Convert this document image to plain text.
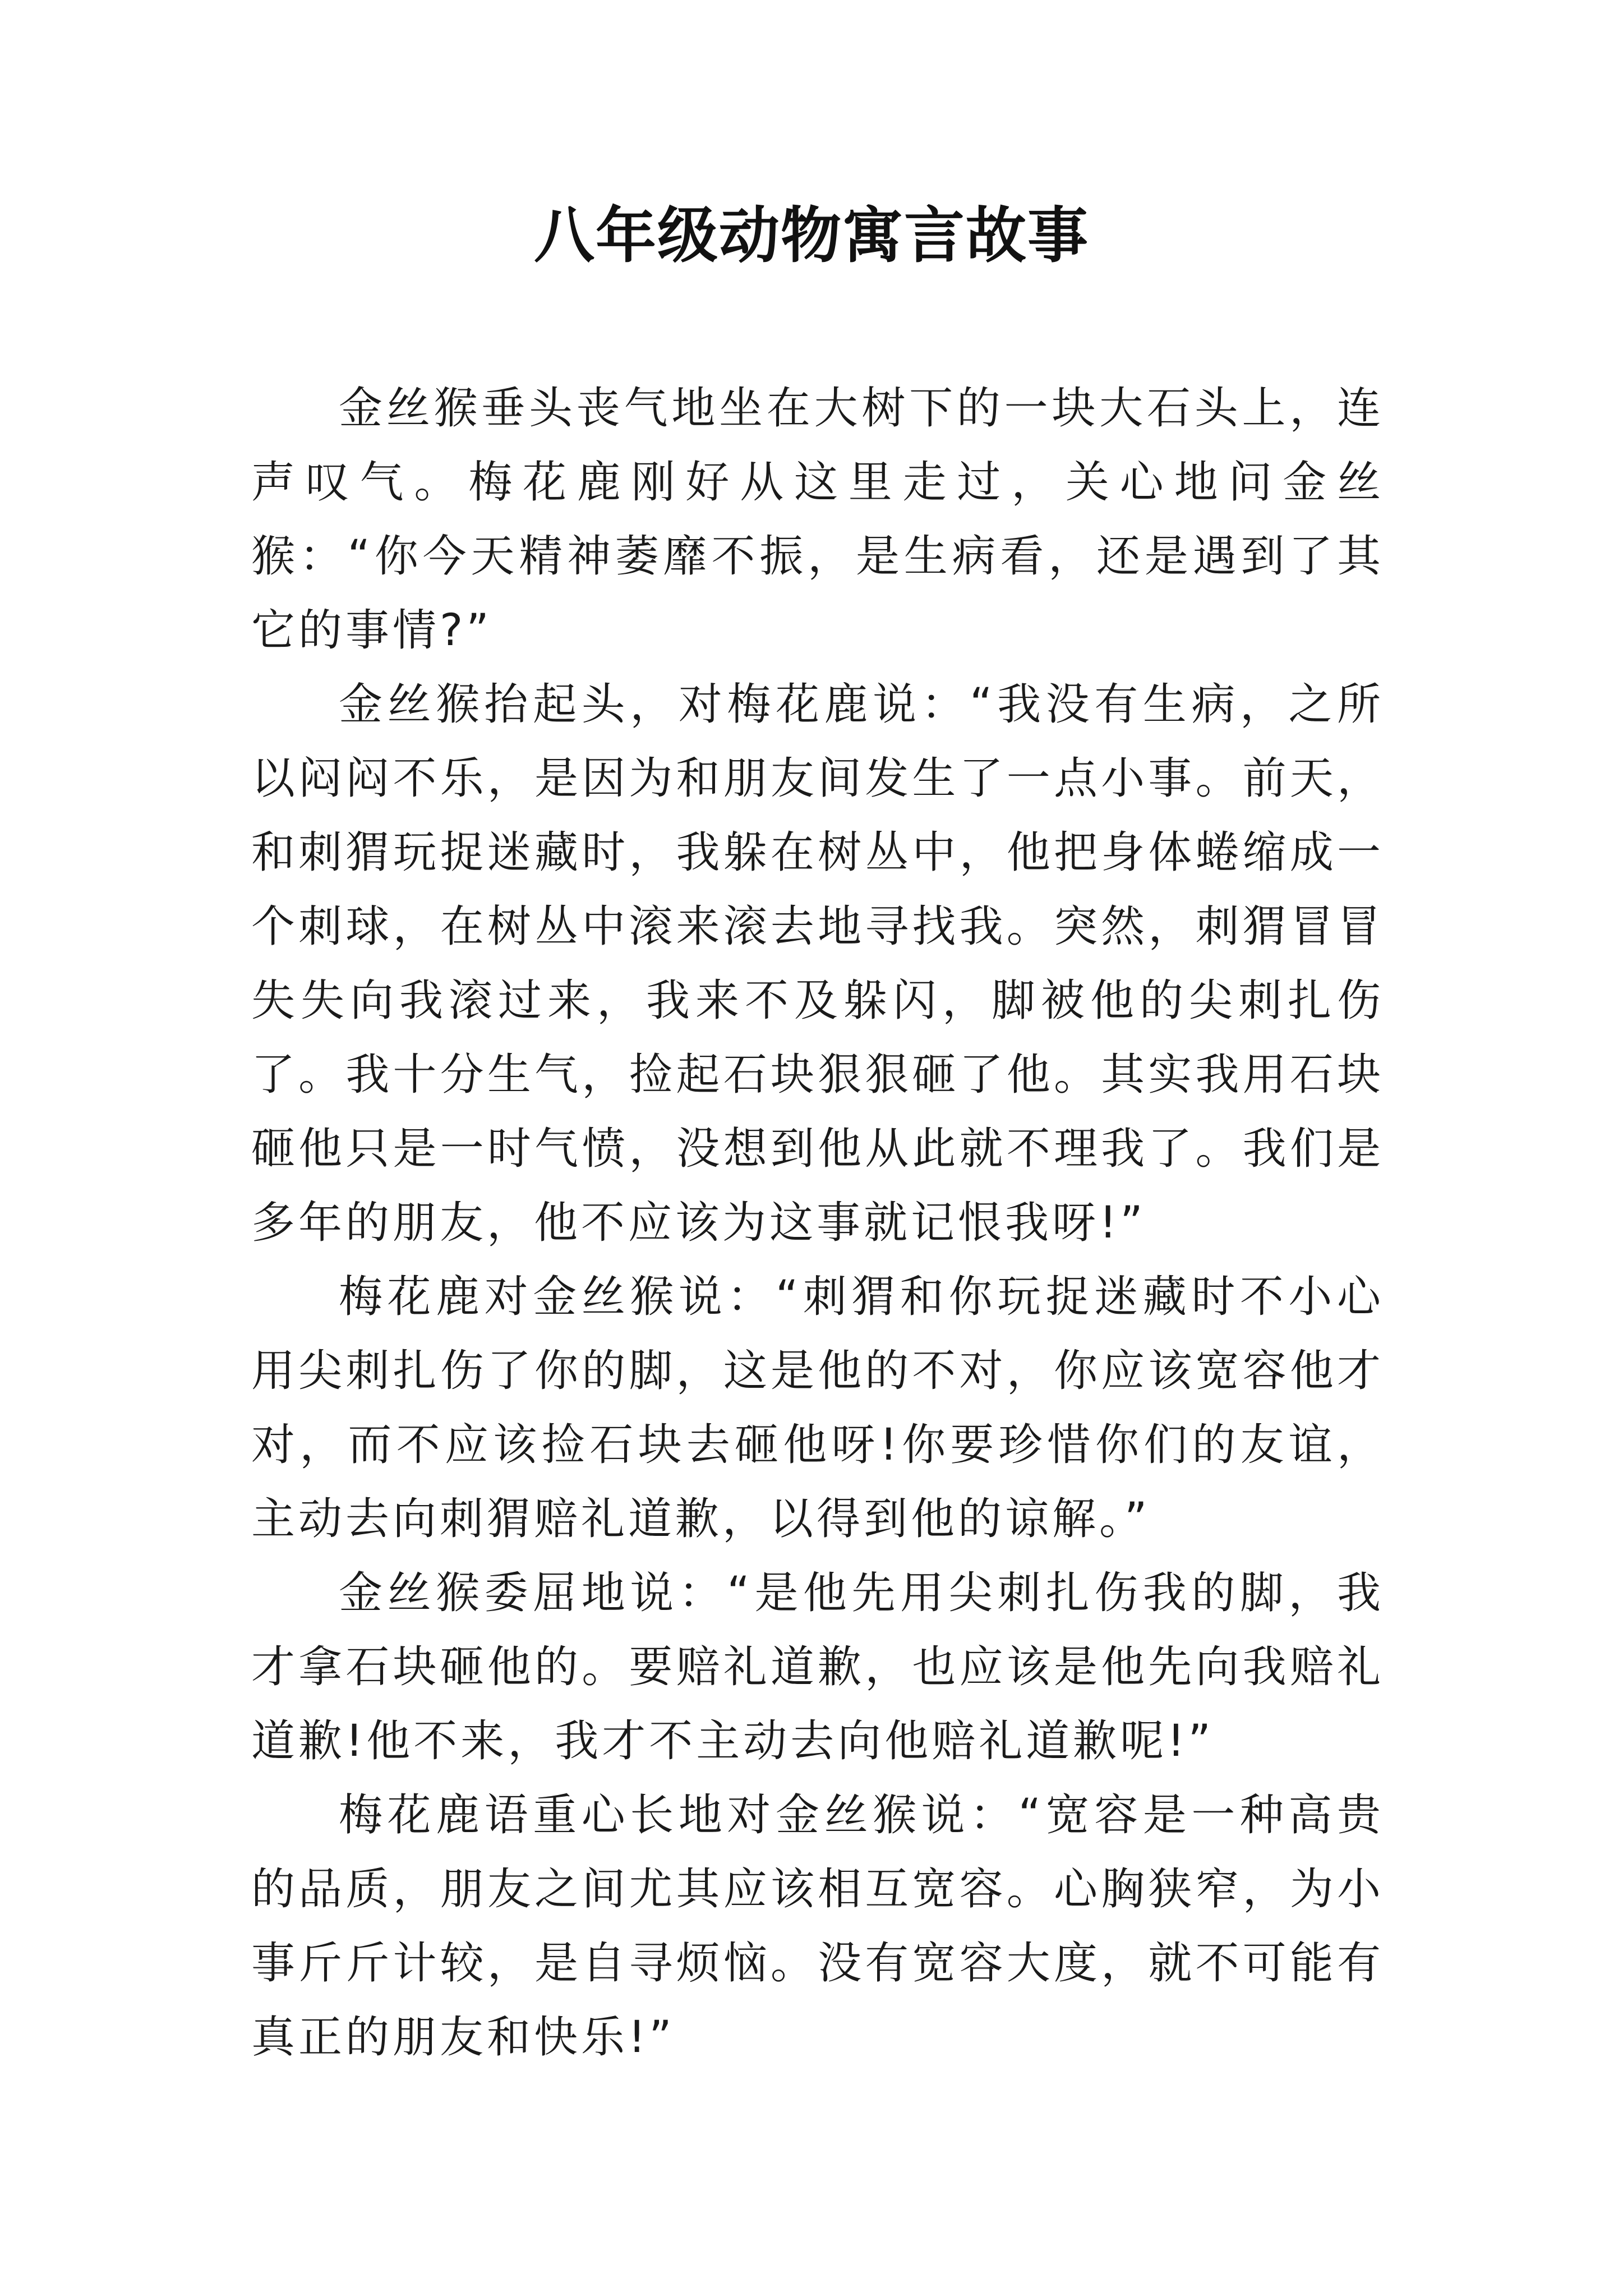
八年级动物寓言故事

金丝猴垂头丧气地坐在大树下的一块大石头上，连声叹气。梅花鹿刚好从这里走过，关心地问金丝猴：“你今天精神萎靡不振，是生病看，还是遇到了其它的事情?”

金丝猴抬起头，对梅花鹿说：“我没有生病，之所以闷闷不乐，是因为和朋友间发生了一点小事。前天，和刺猬玩捉迷藏时，我躲在树丛中，他把身体蜷缩成一个刺球，在树丛中滚来滚去地寻找我。突然，刺猬冒冒失失向我滚过来，我来不及躲闪，脚被他的尖刺扎伤了。我十分生气，捡起石块狠狠砸了他。其实我用石块砸他只是一时气愤，没想到他从此就不理我了。我们是多年的朋友，他不应该为这事就记恨我呀!”

梅花鹿对金丝猴说：“刺猬和你玩捉迷藏时不小心用尖刺扎伤了你的脚，这是他的不对，你应该宽容他才对，而不应该捡石块去砸他呀!你要珍惜你们的友谊，主动去向刺猬赔礼道歉，以得到他的谅解。”

金丝猴委屈地说：“是他先用尖刺扎伤我的脚，我才拿石块砸他的。要赔礼道歉，也应该是他先向我赔礼道歉!他不来，我才不主动去向他赔礼道歉呢!”

梅花鹿语重心长地对金丝猴说：“宽容是一种高贵的品质，朋友之间尤其应该相互宽容。心胸狭窄，为小事斤斤计较，是自寻烦恼。没有宽容大度，就不可能有真正的朋友和快乐!”
